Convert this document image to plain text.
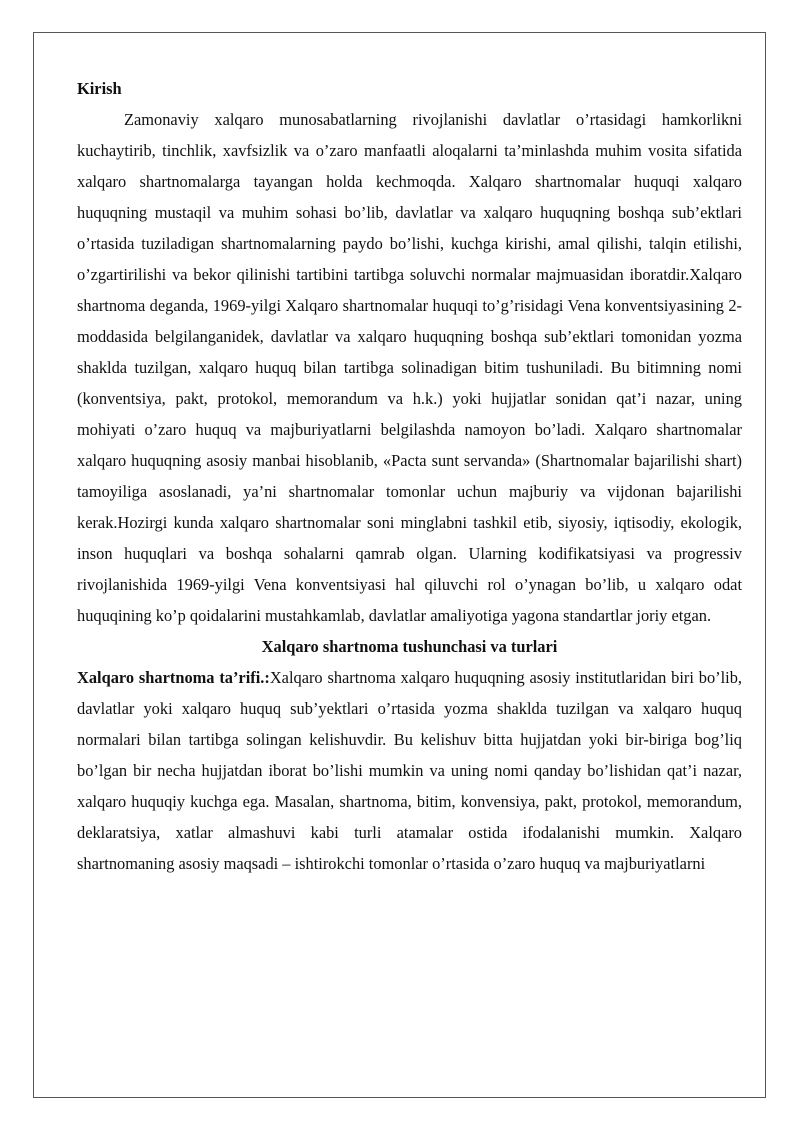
Kirish

Zamonaviy xalqaro munosabatlarning rivojlanishi davlatlar o’rtasidagi hamkorlikni kuchaytirib, tinchlik, xavfsizlik va o’zaro manfaatli aloqalarni ta’minlashda muhim vosita sifatida xalqaro shartnomalarga tayangan holda kechmoqda. Xalqaro shartnomalar huquqi xalqaro huquqning mustaqil va muhim sohasi bo’lib, davlatlar va xalqaro huquqning boshqa sub’ektlari o’rtasida tuziladigan shartnomalarning paydo bo’lishi, kuchga kirishi, amal qilishi, talqin etilishi, o’zgartirilishi va bekor qilinishi tartibini tartibga soluvchi normalar majmuasidan iboratdir.Xalqaro shartnoma deganda, 1969-yilgi Xalqaro shartnomalar huquqi to’g’risidagi Vena konventsiyasining 2-moddasida belgilanganidek, davlatlar va xalqaro huquqning boshqa sub’ektlari tomonidan yozma shaklda tuzilgan, xalqaro huquq bilan tartibga solinadigan bitim tushuniladi. Bu bitimning nomi (konventsiya, pakt, protokol, memorandum va h.k.) yoki hujjatlar sonidan qat’i nazar, uning mohiyati o’zaro huquq va majburiyatlarni belgilashda namoyon bo’ladi. Xalqaro shartnomalar xalqaro huquqning asosiy manbai hisoblanib, «Pacta sunt servanda» (Shartnomalar bajarilishi shart) tamoyiliga asoslanadi, ya’ni shartnomalar tomonlar uchun majburiy va vijdonan bajarilishi kerak.Hozirgi kunda xalqaro shartnomalar soni minglabni tashkil etib, siyosiy, iqtisodiy, ekologik, inson huquqlari va boshqa sohalarni qamrab olgan. Ularning kodifikatsiyasi va progressiv rivojlanishida 1969-yilgi Vena konventsiyasi hal qiluvchi rol o’ynagan bo’lib, u xalqaro odat huquqining ko’p qoidalarini mustahkamlab, davlatlar amaliyotiga yagona standartlar joriy etgan.

Xalqaro shartnoma tushunchasi va turlari

Xalqaro shartnoma ta’rifi.:Xalqaro shartnoma xalqaro huquqning asosiy institutlaridan biri bo’lib, davlatlar yoki xalqaro huquq sub’yektlari o’rtasida yozma shaklda tuzilgan va xalqaro huquq normalari bilan tartibga solingan kelishuvdir. Bu kelishuv bitta hujjatdan yoki bir-biriga bog’liq bo’lgan bir necha hujjatdan iborat bo’lishi mumkin va uning nomi qanday bo’lishidan qat’i nazar, xalqaro huquqiy kuchga ega. Masalan, shartnoma, bitim, konvensiya, pakt, protokol, memorandum, deklaratsiya, xatlar almashuvi kabi turli atamalar ostida ifodalanishi mumkin. Xalqaro shartnomaning asosiy maqsadi – ishtirokchi tomonlar o’rtasida o’zaro huquq va majburiyatlarni
